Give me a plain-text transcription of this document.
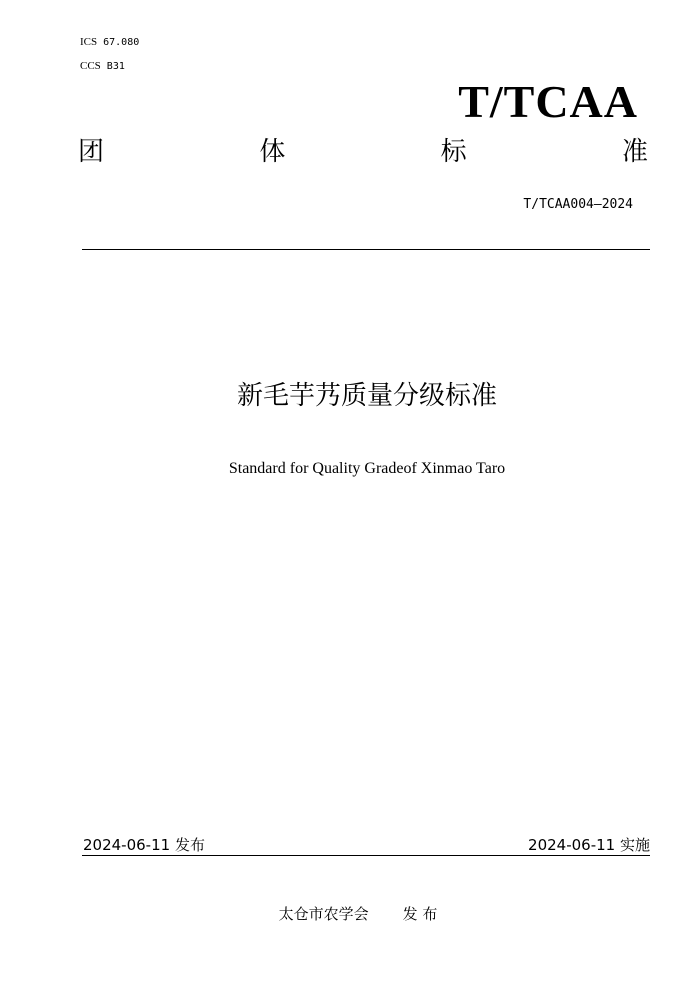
ICS 67.080
CCS B31
T/TCAA
团	体	标	准
T/TCAA004—2024
新毛芋艿质量分级标准
Standard for Quality Gradeof Xinmao Taro
2024-06-11 发布	2024-06-11 实施
太仓市农学会 发 布
